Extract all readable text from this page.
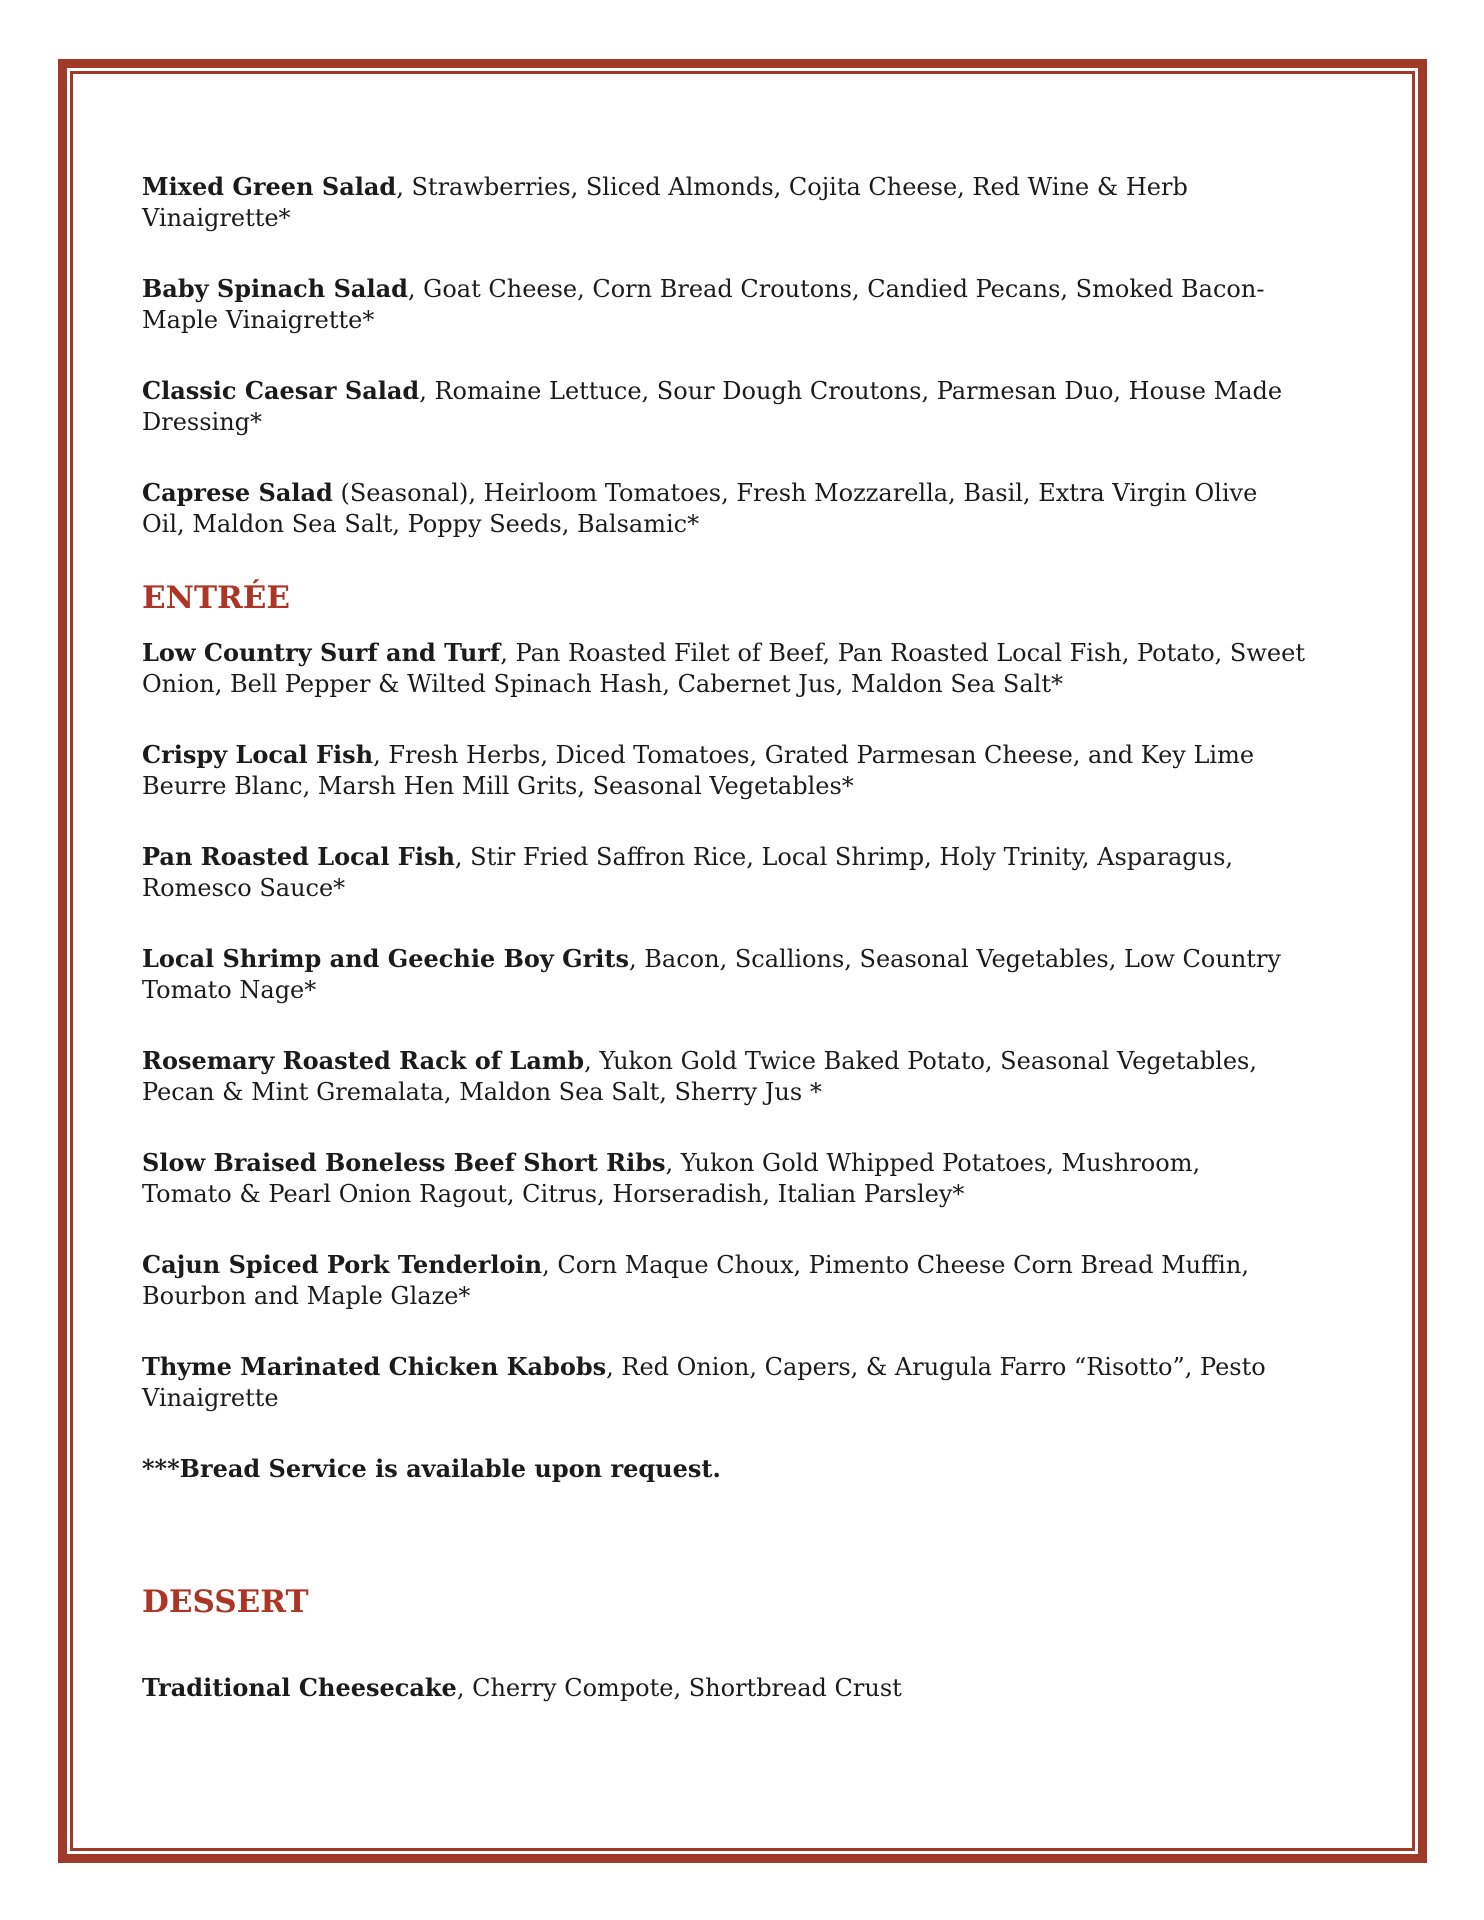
Mixed Green Salad, Strawberries, Sliced Almonds, Cojita Cheese, Red Wine & Herb
Vinaigrette*

Baby Spinach Salad, Goat Cheese, Corn Bread Croutons, Candied Pecans, Smoked Bacon-
Maple Vinaigrette*

Classic Caesar Salad, Romaine Lettuce, Sour Dough Croutons, Parmesan Duo, House Made
Dressing*

Caprese Salad (Seasonal), Heirloom Tomatoes, Fresh Mozzarella, Basil, Extra Virgin Olive
Oil, Maldon Sea Salt, Poppy Seeds, Balsamic*

ENTRÉE

Low Country Surf and Turf, Pan Roasted Filet of Beef, Pan Roasted Local Fish, Potato, Sweet
Onion, Bell Pepper & Wilted Spinach Hash, Cabernet Jus, Maldon Sea Salt*

Crispy Local Fish, Fresh Herbs, Diced Tomatoes, Grated Parmesan Cheese, and Key Lime
Beurre Blanc, Marsh Hen Mill Grits, Seasonal Vegetables*

Pan Roasted Local Fish, Stir Fried Saffron Rice, Local Shrimp, Holy Trinity, Asparagus,
Romesco Sauce*

Local Shrimp and Geechie Boy Grits, Bacon, Scallions, Seasonal Vegetables, Low Country
Tomato Nage*

Rosemary Roasted Rack of Lamb, Yukon Gold Twice Baked Potato, Seasonal Vegetables,
Pecan & Mint Gremalata, Maldon Sea Salt, Sherry Jus *

Slow Braised Boneless Beef Short Ribs, Yukon Gold Whipped Potatoes, Mushroom,
Tomato & Pearl Onion Ragout, Citrus, Horseradish, Italian Parsley*

Cajun Spiced Pork Tenderloin, Corn Maque Choux, Pimento Cheese Corn Bread Muffin,
Bourbon and Maple Glaze*

Thyme Marinated Chicken Kabobs, Red Onion, Capers, & Arugula Farro “Risotto”, Pesto
Vinaigrette

***Bread Service is available upon request.

DESSERT

Traditional Cheesecake, Cherry Compote, Shortbread Crust
